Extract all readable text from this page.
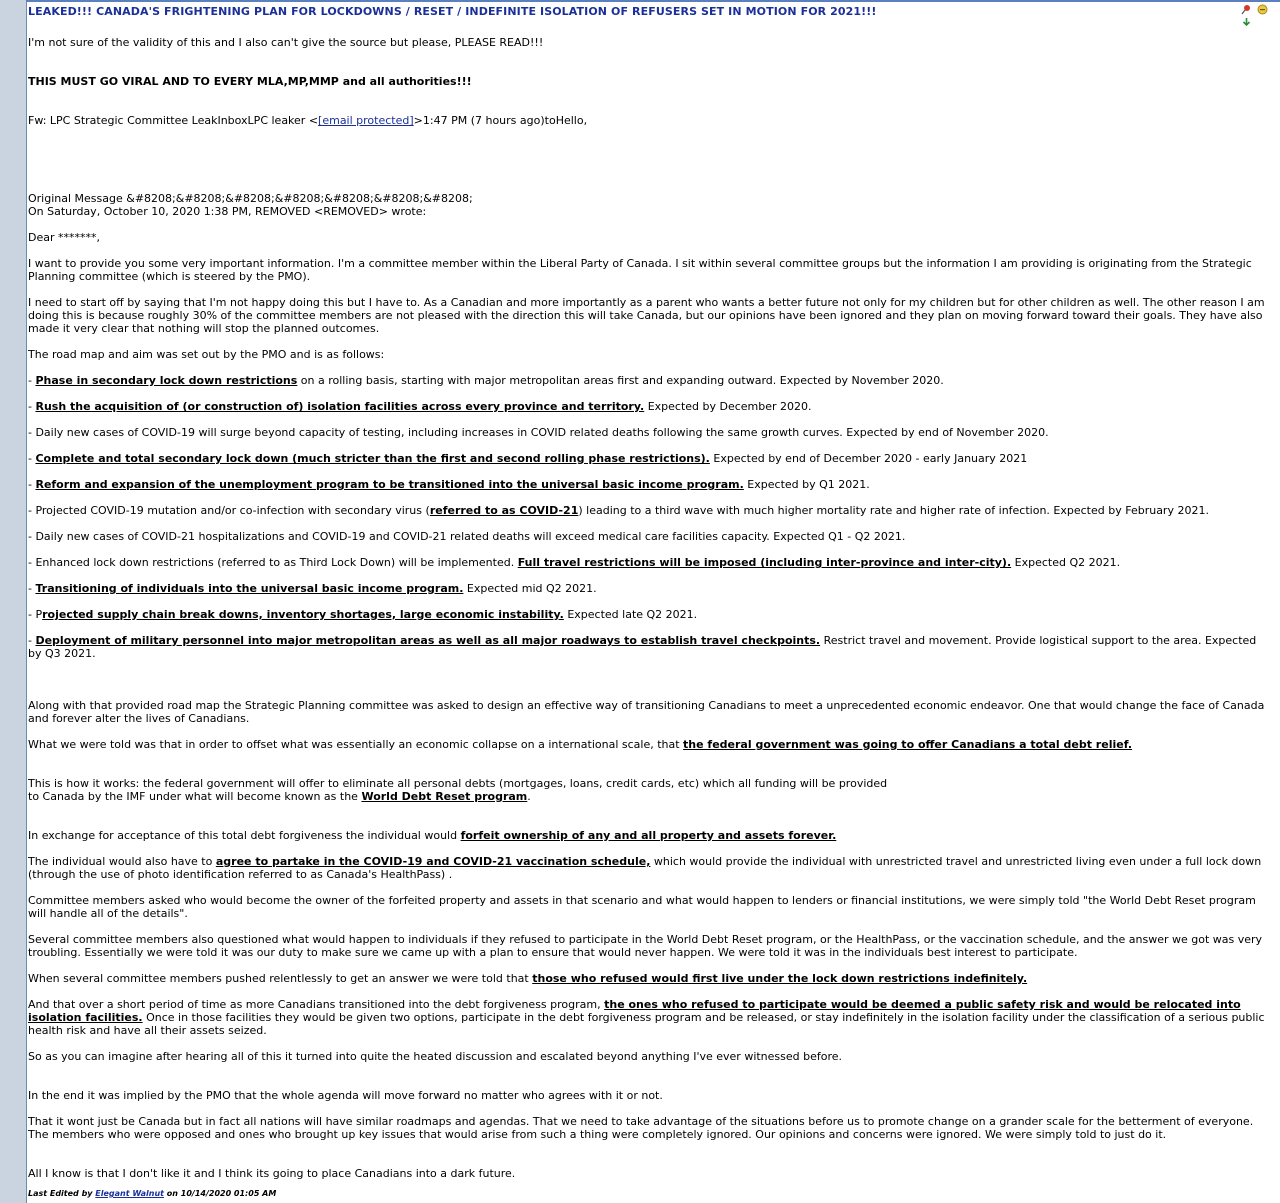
LEAKED!!! CANADA'S FRIGHTENING PLAN FOR LOCKDOWNS / RESET / INDEFINITE ISOLATION OF REFUSERS SET IN MOTION FOR 2021!!!

I'm not sure of the validity of this and I also can't give the source but please, PLEASE READ!!!

THIS MUST GO VIRAL AND TO EVERY MLA,MP,MMP and all authorities!!!

Fw: LPC Strategic Committee LeakInboxLPC leaker <[email protected]>1:47 PM (7 hours ago)toHello,

Original Message &#8208;&#8208;&#8208;&#8208;&#8208;&#8208;&#8208;

On Saturday, October 10, 2020 1:38 PM, REMOVED <REMOVED> wrote:

Dear *******,

I want to provide you some very important information. I'm a committee member within the Liberal Party of Canada. I sit within several committee groups but the information I am providing is originating from the Strategic Planning committee (which is steered by the PMO).

I need to start off by saying that I'm not happy doing this but I have to. As a Canadian and more importantly as a parent who wants a better future not only for my children but for other children as well. The other reason I am doing this is because roughly 30% of the committee members are not pleased with the direction this will take Canada, but our opinions have been ignored and they plan on moving forward toward their goals. They have also made it very clear that nothing will stop the planned outcomes.

The road map and aim was set out by the PMO and is as follows:

- Phase in secondary lock down restrictions on a rolling basis, starting with major metropolitan areas first and expanding outward. Expected by November 2020.

- Rush the acquisition of (or construction of) isolation facilities across every province and territory. Expected by December 2020.

- Daily new cases of COVID-19 will surge beyond capacity of testing, including increases in COVID related deaths following the same growth curves. Expected by end of November 2020.

- Complete and total secondary lock down (much stricter than the first and second rolling phase restrictions). Expected by end of December 2020 - early January 2021

- Reform and expansion of the unemployment program to be transitioned into the universal basic income program. Expected by Q1 2021.

- Projected COVID-19 mutation and/or co-infection with secondary virus (referred to as COVID-21) leading to a third wave with much higher mortality rate and higher rate of infection. Expected by February 2021.

- Daily new cases of COVID-21 hospitalizations and COVID-19 and COVID-21 related deaths will exceed medical care facilities capacity. Expected Q1 - Q2 2021.

- Enhanced lock down restrictions (referred to as Third Lock Down) will be implemented. Full travel restrictions will be imposed (including inter-province and inter-city). Expected Q2 2021.

- Transitioning of individuals into the universal basic income program. Expected mid Q2 2021.

- Projected supply chain break downs, inventory shortages, large economic instability. Expected late Q2 2021.

- Deployment of military personnel into major metropolitan areas as well as all major roadways to establish travel checkpoints. Restrict travel and movement. Provide logistical support to the area. Expected by Q3 2021.

Along with that provided road map the Strategic Planning committee was asked to design an effective way of transitioning Canadians to meet a unprecedented economic endeavor. One that would change the face of Canada and forever alter the lives of Canadians.

What we were told was that in order to offset what was essentially an economic collapse on a international scale, that the federal government was going to offer Canadians a total debt relief.

This is how it works: the federal government will offer to eliminate all personal debts (mortgages, loans, credit cards, etc) which all funding will be provided

to Canada by the IMF under what will become known as the World Debt Reset program.

In exchange for acceptance of this total debt forgiveness the individual would forfeit ownership of any and all property and assets forever.

The individual would also have to agree to partake in the COVID-19 and COVID-21 vaccination schedule, which would provide the individual with unrestricted travel and unrestricted living even under a full lock down (through the use of photo identification referred to as Canada's HealthPass) .

Committee members asked who would become the owner of the forfeited property and assets in that scenario and what would happen to lenders or financial institutions, we were simply told "the World Debt Reset program will handle all of the details".

Several committee members also questioned what would happen to individuals if they refused to participate in the World Debt Reset program, or the HealthPass, or the vaccination schedule, and the answer we got was very troubling. Essentially we were told it was our duty to make sure we came up with a plan to ensure that would never happen. We were told it was in the individuals best interest to participate.

When several committee members pushed relentlessly to get an answer we were told that those who refused would first live under the lock down restrictions indefinitely.

And that over a short period of time as more Canadians transitioned into the debt forgiveness program, the ones who refused to participate would be deemed a public safety risk and would be relocated into isolation facilities. Once in those facilities they would be given two options, participate in the debt forgiveness program and be released, or stay indefinitely in the isolation facility under the classification of a serious public health risk and have all their assets seized.

So as you can imagine after hearing all of this it turned into quite the heated discussion and escalated beyond anything I've ever witnessed before.

In the end it was implied by the PMO that the whole agenda will move forward no matter who agrees with it or not.

That it wont just be Canada but in fact all nations will have similar roadmaps and agendas. That we need to take advantage of the situations before us to promote change on a grander scale for the betterment of everyone. The members who were opposed and ones who brought up key issues that would arise from such a thing were completely ignored. Our opinions and concerns were ignored. We were simply told to just do it.

All I know is that I don't like it and I think its going to place Canadians into a dark future.

Last Edited by Elegant Walnut on 10/14/2020 01:05 AM
